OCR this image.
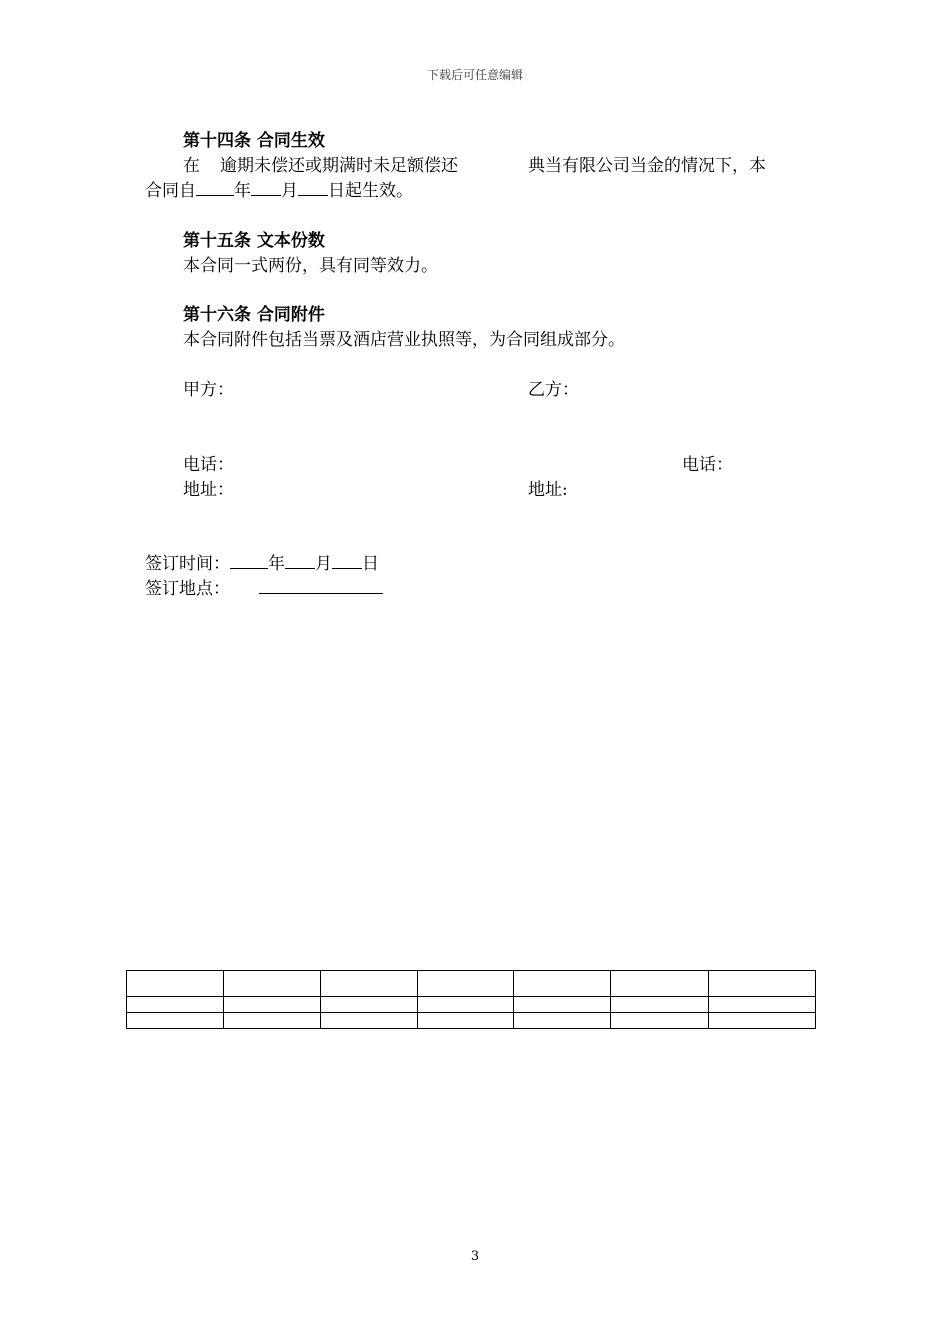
下载后可任意编辑
第十四条 合同生效
在 逾期未偿还或期满时未足额偿还	典当有限公司当金的情况下，本
合同自 年 月 日起生效。
第十五条 文本份数
本合同一式两份，具有同等效力。
第十六条 合同附件
本合同附件包括当票及酒店营业执照等，为合同组成部分。
甲方：	乙方：
电话：	电话：
地址：	地址:
签订时间： 年 月 日
签订地点：

3
